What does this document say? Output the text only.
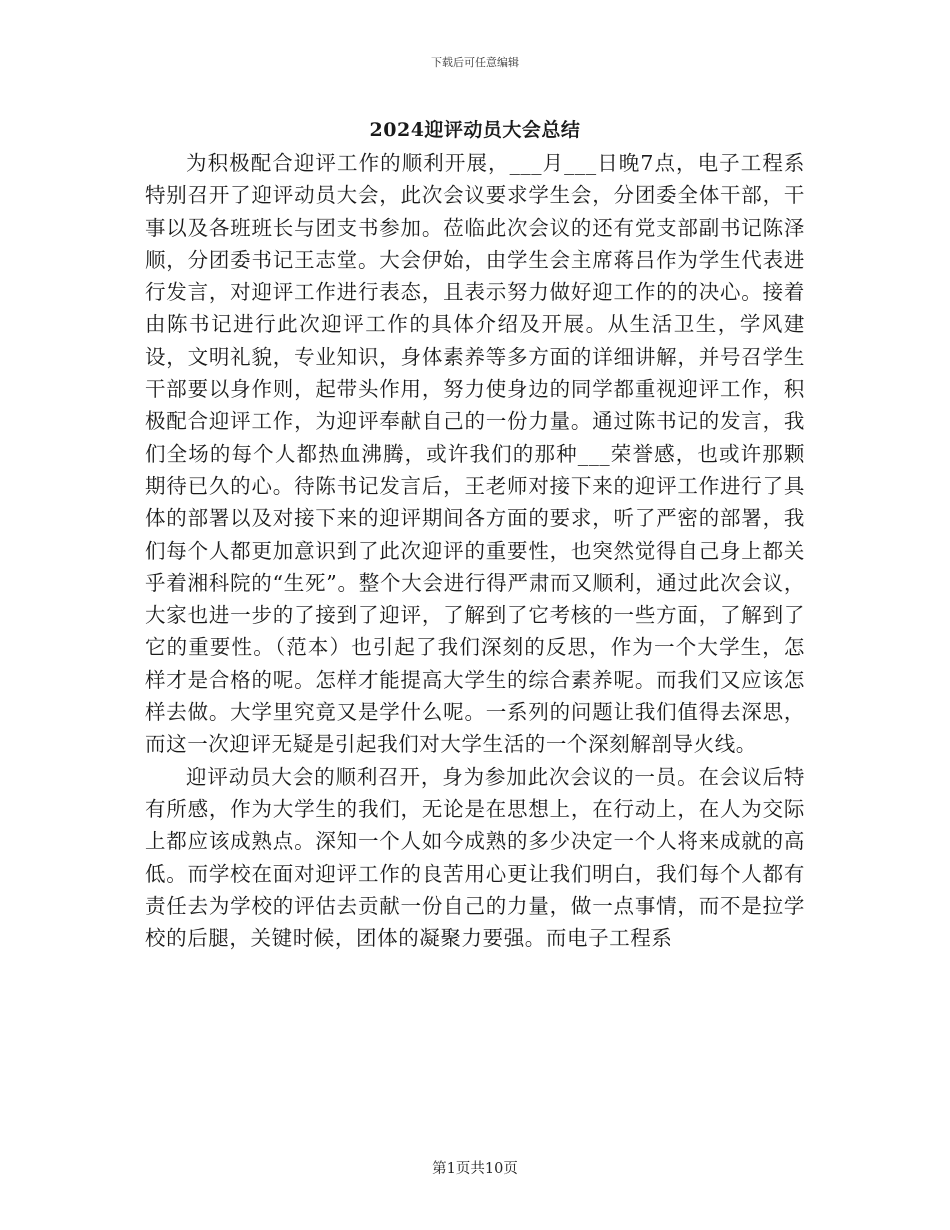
下载后可任意编辑
2024迎评动员大会总结

为积极配合迎评工作的顺利开展，___月___日晚7点，电子工程系特别召开了迎评动员大会，此次会议要求学生会，分团委全体干部，干事以及各班班长与团支书参加。莅临此次会议的还有党支部副书记陈泽顺，分团委书记王志堂。大会伊始，由学生会主席蒋吕作为学生代表进行发言，对迎评工作进行表态，且表示努力做好迎工作的的决心。接着由陈书记进行此次迎评工作的具体介绍及开展。从生活卫生，学风建设，文明礼貌，专业知识，身体素养等多方面的详细讲解，并号召学生干部要以身作则，起带头作用，努力使身边的同学都重视迎评工作，积极配合迎评工作，为迎评奉献自己的一份力量。通过陈书记的发言，我们全场的每个人都热血沸腾，或许我们的那种___荣誉感，也或许那颗期待已久的心。待陈书记发言后，王老师对接下来的迎评工作进行了具体的部署以及对接下来的迎评期间各方面的要求，听了严密的部署，我们每个人都更加意识到了此次迎评的重要性，也突然觉得自己身上都关乎着湘科院的“生死”。整个大会进行得严肃而又顺利，通过此次会议，大家也进一步的了接到了迎评，了解到了它考核的一些方面，了解到了它的重要性。（范本）也引起了我们深刻的反思，作为一个大学生，怎样才是合格的呢。怎样才能提高大学生的综合素养呢。而我们又应该怎样去做。大学里究竟又是学什么呢。一系列的问题让我们值得去深思，而这一次迎评无疑是引起我们对大学生活的一个深刻解剖导火线。

迎评动员大会的顺利召开，身为参加此次会议的一员。在会议后特有所感，作为大学生的我们，无论是在思想上，在行动上，在人为交际上都应该成熟点。深知一个人如今成熟的多少决定一个人将来成就的高低。而学校在面对迎评工作的良苦用心更让我们明白，我们每个人都有责任去为学校的评估去贡献一份自己的力量，做一点事情，而不是拉学校的后腿，关键时候，团体的凝聚力要强。而电子工程系

第1页共10页
